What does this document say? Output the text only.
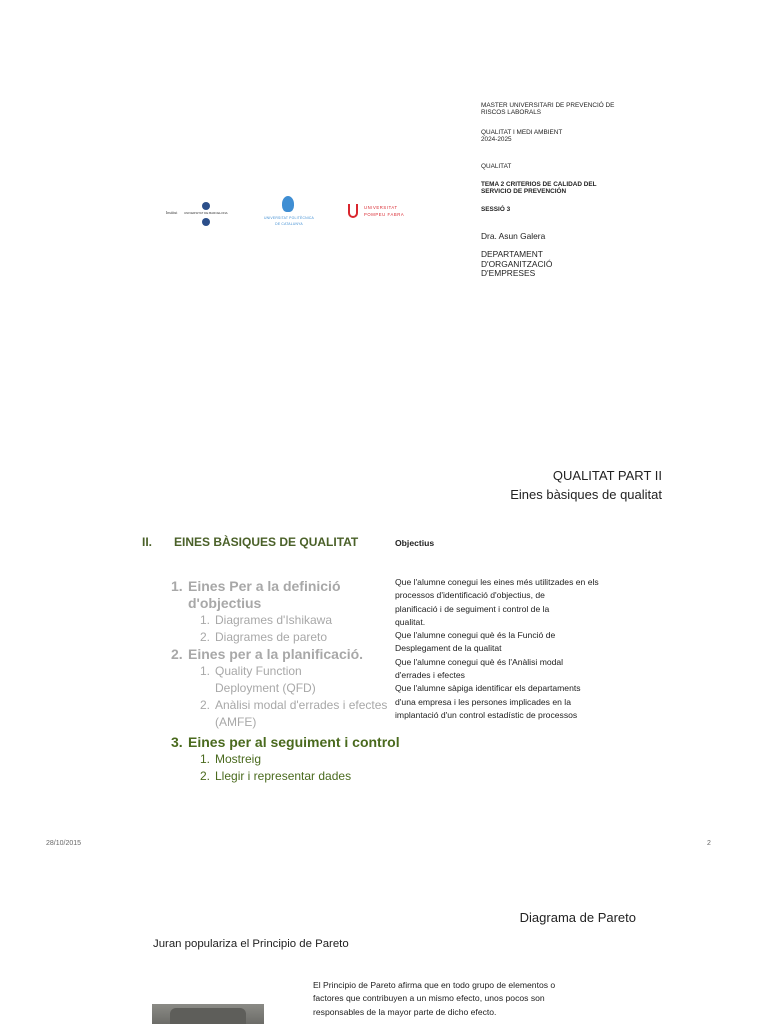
Institut UNIVERSITAT DE BARCELONA
UNIVERSITAT POLITÈCNICA
DE CATALUNYA
UNIVERSITAT
POMPEU FABRA
MASTER UNIVERSITARI DE PREVENCIÓ DE
RISCOS LABORALS
QUALITAT I MEDI AMBIENT
2024-2025
QUALITAT
TEMA 2 CRITERIOS DE CALIDAD DEL
SERVICIO DE PREVENCIÓN
SESSIÓ 3
Dra. Asun Galera
DEPARTAMENT
D'ORGANITZACIÓ
D'EMPRESES
QUALITAT PART II
Eines bàsiques de qualitat
II. EINES BÀSIQUES DE QUALITAT	Objectius
Que l'alumne conegui les eines més utilitzades en els
processos d'identificació d'objectius, de
planificació i de seguiment i control de la
qualitat.
Que l'alumne conegui què és la Funció de
Desplegament de la qualitat
Que l'alumne conegui què és l'Anàlisi modal
d'errades i efectes
Que l'alumne sàpiga identificar els departaments
d'una empresa i les persones implicades en la
implantació d'un control estadístic de processos
1. Eines Per a la definició
d'objectius
1. Diagrames d'Ishikawa
2. Diagrames de pareto
2. Eines per a la planificació.
1. Quality Function
Deployment (QFD)
2. Anàlisi modal d'errades i efectes
(AMFE)
3. Eines per al seguiment i control
1. Mostreig
2. Llegir i representar dades
28/10/2015	2
Diagrama de Pareto
Juran populariza el Principio de Pareto
El Principio de Pareto afirma que en todo grupo de elementos o
factores que contribuyen a un mismo efecto, unos pocos son
responsables de la mayor parte de dicho efecto.
